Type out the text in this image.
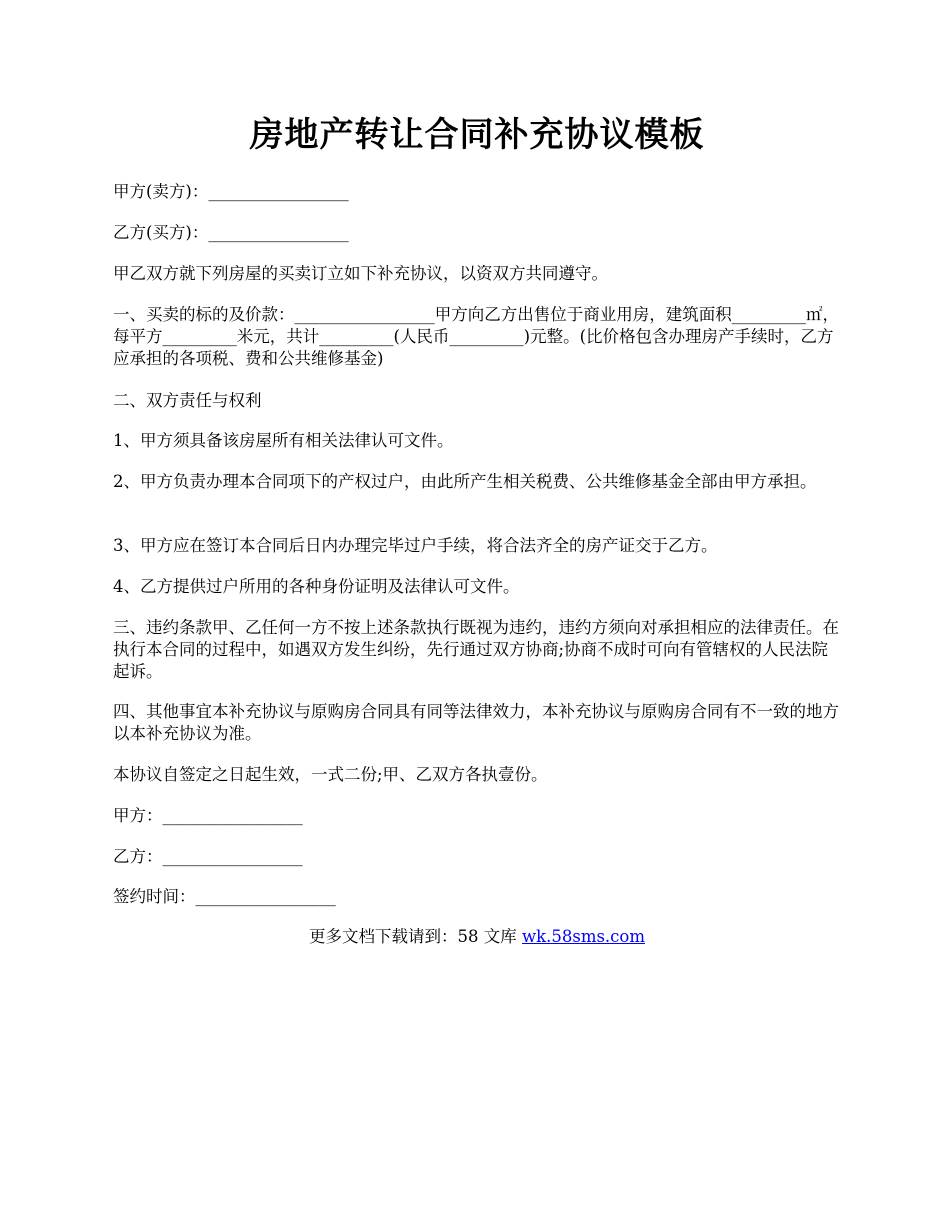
房地产转让合同补充协议模板
甲方(卖方)：_________________
乙方(买方)：_________________
甲乙双方就下列房屋的买卖订立如下补充协议，以资双方共同遵守。
一、买卖的标的及价款：_________________甲方向乙方出售位于商业用房，建筑面积_________㎡，每平方_________米元，共计_________(人民币_________)元整。(比价格包含办理房产手续时，乙方应承担的各项税、费和公共维修基金)
二、双方责任与权利
1、甲方须具备该房屋所有相关法律认可文件。
2、甲方负责办理本合同项下的产权过户，由此所产生相关税费、公共维修基金全部由甲方承担。
3、甲方应在签订本合同后日内办理完毕过户手续，将合法齐全的房产证交于乙方。
4、乙方提供过户所用的各种身份证明及法律认可文件。
三、违约条款甲、乙任何一方不按上述条款执行既视为违约，违约方须向对承担相应的法律责任。在执行本合同的过程中，如遇双方发生纠纷，先行通过双方协商;协商不成时可向有管辖权的人民法院起诉。
四、其他事宜本补充协议与原购房合同具有同等法律效力，本补充协议与原购房合同有不一致的地方以本补充协议为准。
本协议自签定之日起生效，一式二份;甲、乙双方各执壹份。
甲方：_________________
乙方：_________________
签约时间：_________________
更多文档下载请到：58 文库 wk.58sms.com
